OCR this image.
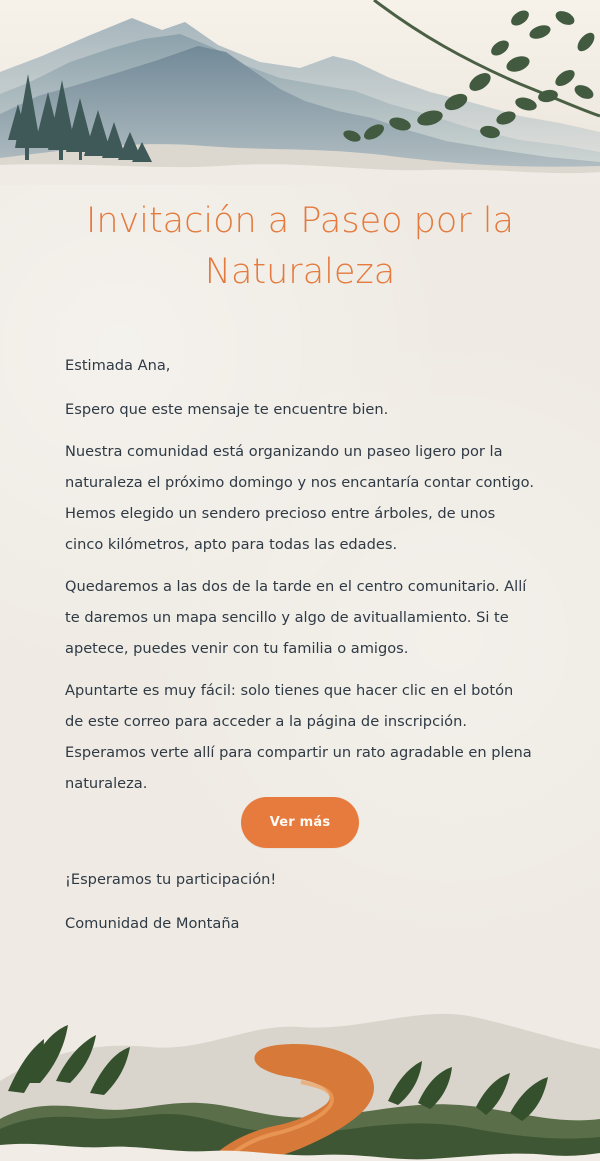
Invitación a Paseo por la Naturaleza

Estimada Ana,

Espero que este mensaje te encuentre bien.

Nuestra comunidad está organizando un paseo ligero por la naturaleza el próximo domingo y nos encantaría contar contigo. Hemos elegido un sendero precioso entre árboles, de unos cinco kilómetros, apto para todas las edades.

Quedaremos a las dos de la tarde en el centro comunitario. Allí te daremos un mapa sencillo y algo de avituallamiento. Si te apetece, puedes venir con tu familia o amigos.

Apuntarte es muy fácil: solo tienes que hacer clic en el botón de este correo para acceder a la página de inscripción. Esperamos verte allí para compartir un rato agradable en plena naturaleza.

Ver más

¡Esperamos tu participación!

Comunidad de Montaña
